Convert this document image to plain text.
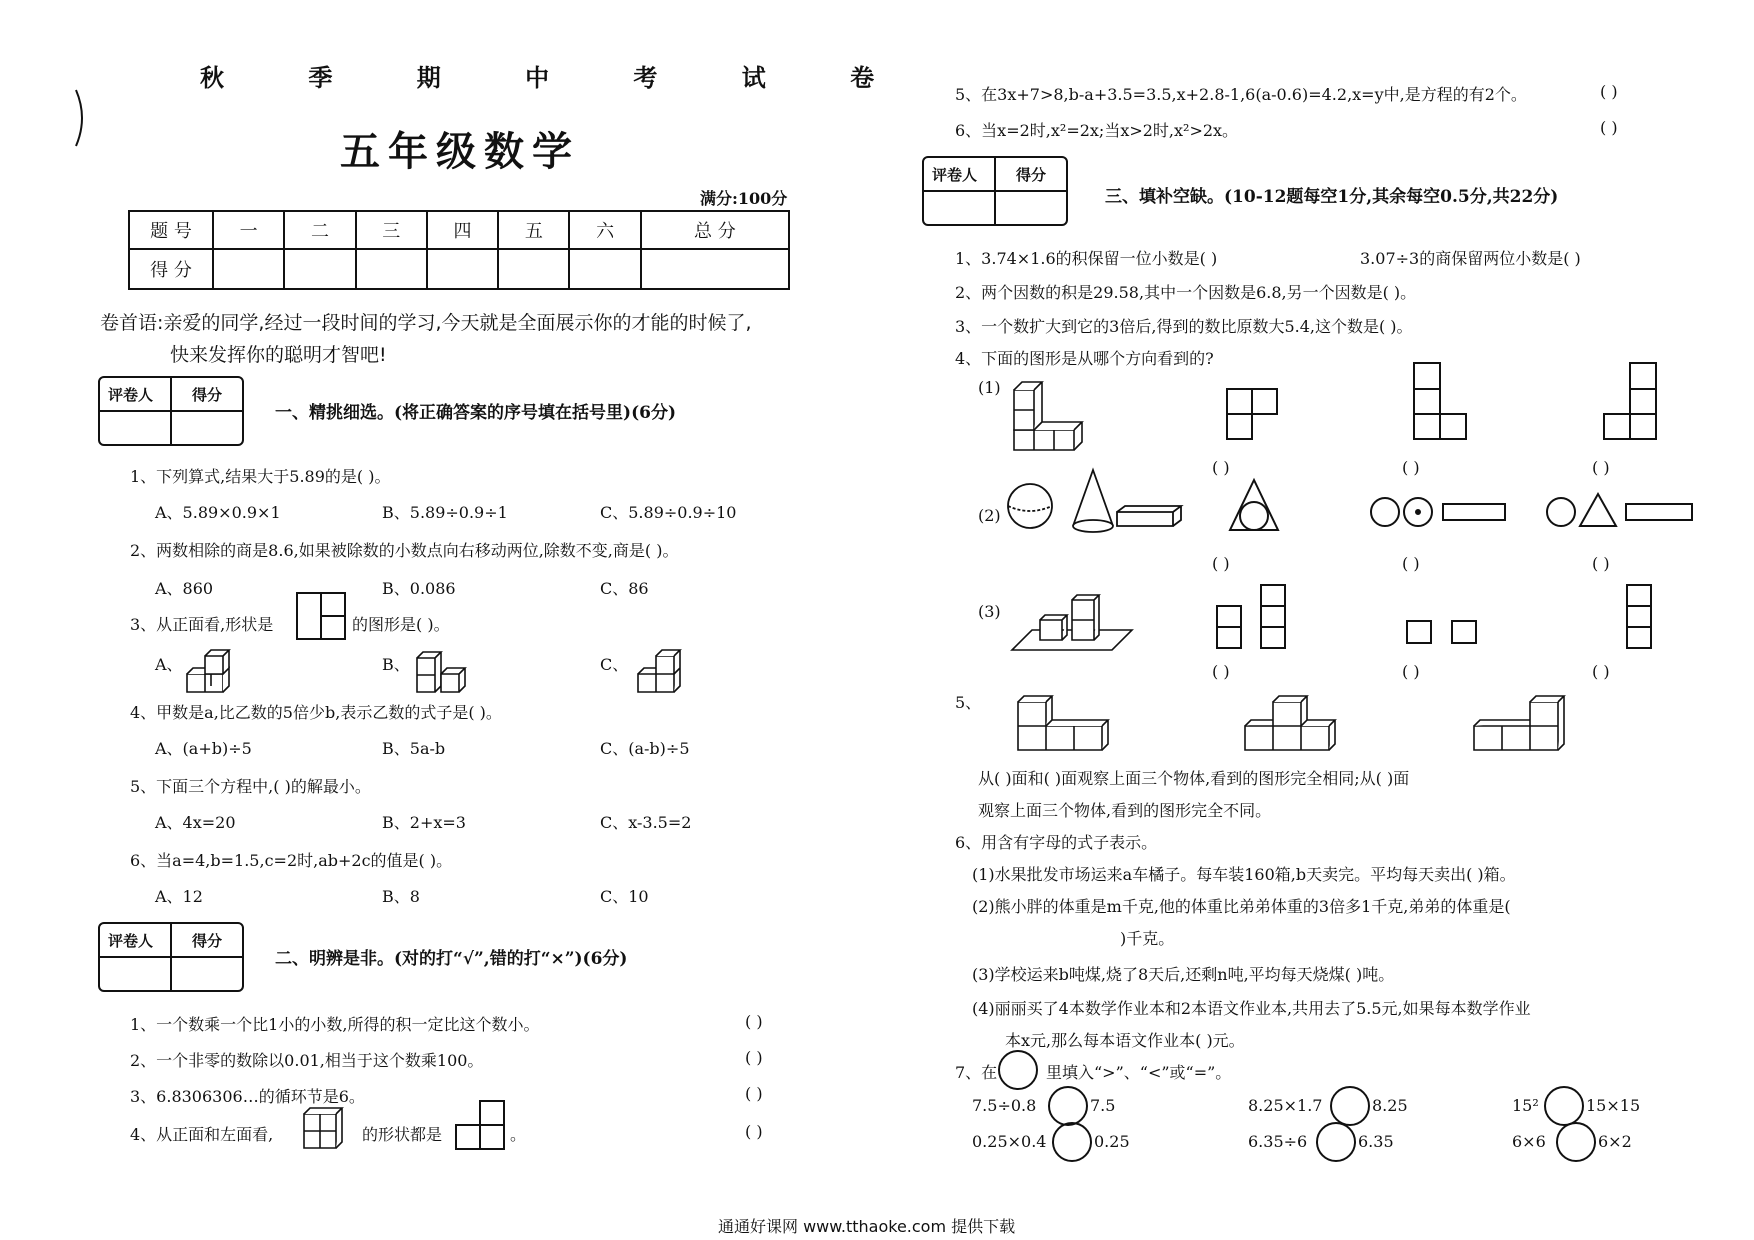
秋 季 期 中 考 试 卷
五年级数学
满分:100分
题 号	一	二	三	四	五	六	总 分
得 分							
卷首语:亲爱的同学,经过一段时间的学习,今天就是全面展示你的才能的时候了,
快来发挥你的聪明才智吧!
评卷人	得分
一、精挑细选。(将正确答案的序号填在括号里)(6分)
1、下列算式,结果大于5.89的是( )。
A、5.89×0.9×1	B、5.89÷0.9÷1	C、5.89÷0.9÷10
2、两数相除的商是8.6,如果被除数的小数点向右移动两位,除数不变,商是( )。
A、860	B、0.086	C、86
3、从正面看,形状是	的图形是( )。
A、	B、	C、
4、甲数是a,比乙数的5倍少b,表示乙数的式子是( )。
A、(a+b)÷5	B、5a-b	C、(a-b)÷5
5、下面三个方程中,( )的解最小。
A、4x=20	B、2+x=3	C、x-3.5=2
6、当a=4,b=1.5,c=2时,ab+2c的值是( )。
A、12	B、8	C、10
评卷人	得分
二、明辨是非。(对的打“√”,错的打“×”)(6分)
1、一个数乘一个比1小的小数,所得的积一定比这个数小。	( )
2、一个非零的数除以0.01,相当于这个数乘100。	( )
3、6.8306306…的循环节是6。	( )
4、从正面和左面看,	的形状都是	。	( )
5、在3x+7>8,b-a+3.5=3.5,x+2.8-1,6(a-0.6)=4.2,x=y中,是方程的有2个。	( )
6、当x=2时,x²=2x;当x>2时,x²>2x。	( )
评卷人	得分
三、填补空缺。(10-12题每空1分,其余每空0.5分,共22分)
1、3.74×1.6的积保留一位小数是( )	3.07÷3的商保留两位小数是( )
2、两个因数的积是29.58,其中一个因数是6.8,另一个因数是( )。
3、一个数扩大到它的3倍后,得到的数比原数大5.4,这个数是( )。
4、下面的图形是从哪个方向看到的?
(1)
( )	( )	( )
(2)
( )	( )	( )
(3)
( )	( )	( )
5、
从( )面和( )面观察上面三个物体,看到的图形完全相同;从( )面
观察上面三个物体,看到的图形完全不同。
6、用含有字母的式子表示。
(1)水果批发市场运来a车橘子。每车装160箱,b天卖完。平均每天卖出( )箱。
(2)熊小胖的体重是m千克,他的体重比弟弟体重的3倍多1千克,弟弟的体重是(
)千克。
(3)学校运来b吨煤,烧了8天后,还剩n吨,平均每天烧煤( )吨。
(4)丽丽买了4本数学作业本和2本语文作业本,共用去了5.5元,如果每本数学作业
本x元,那么每本语文作业本( )元。
7、在	里填入“>”、“<”或“=”。
7.5÷0.8	7.5	8.25×1.7	8.25	15²	15×15
0.25×0.4	0.25	6.35÷6	6.35	6×6	6×2
通通好课网 www.tthaoke.com 提供下载
